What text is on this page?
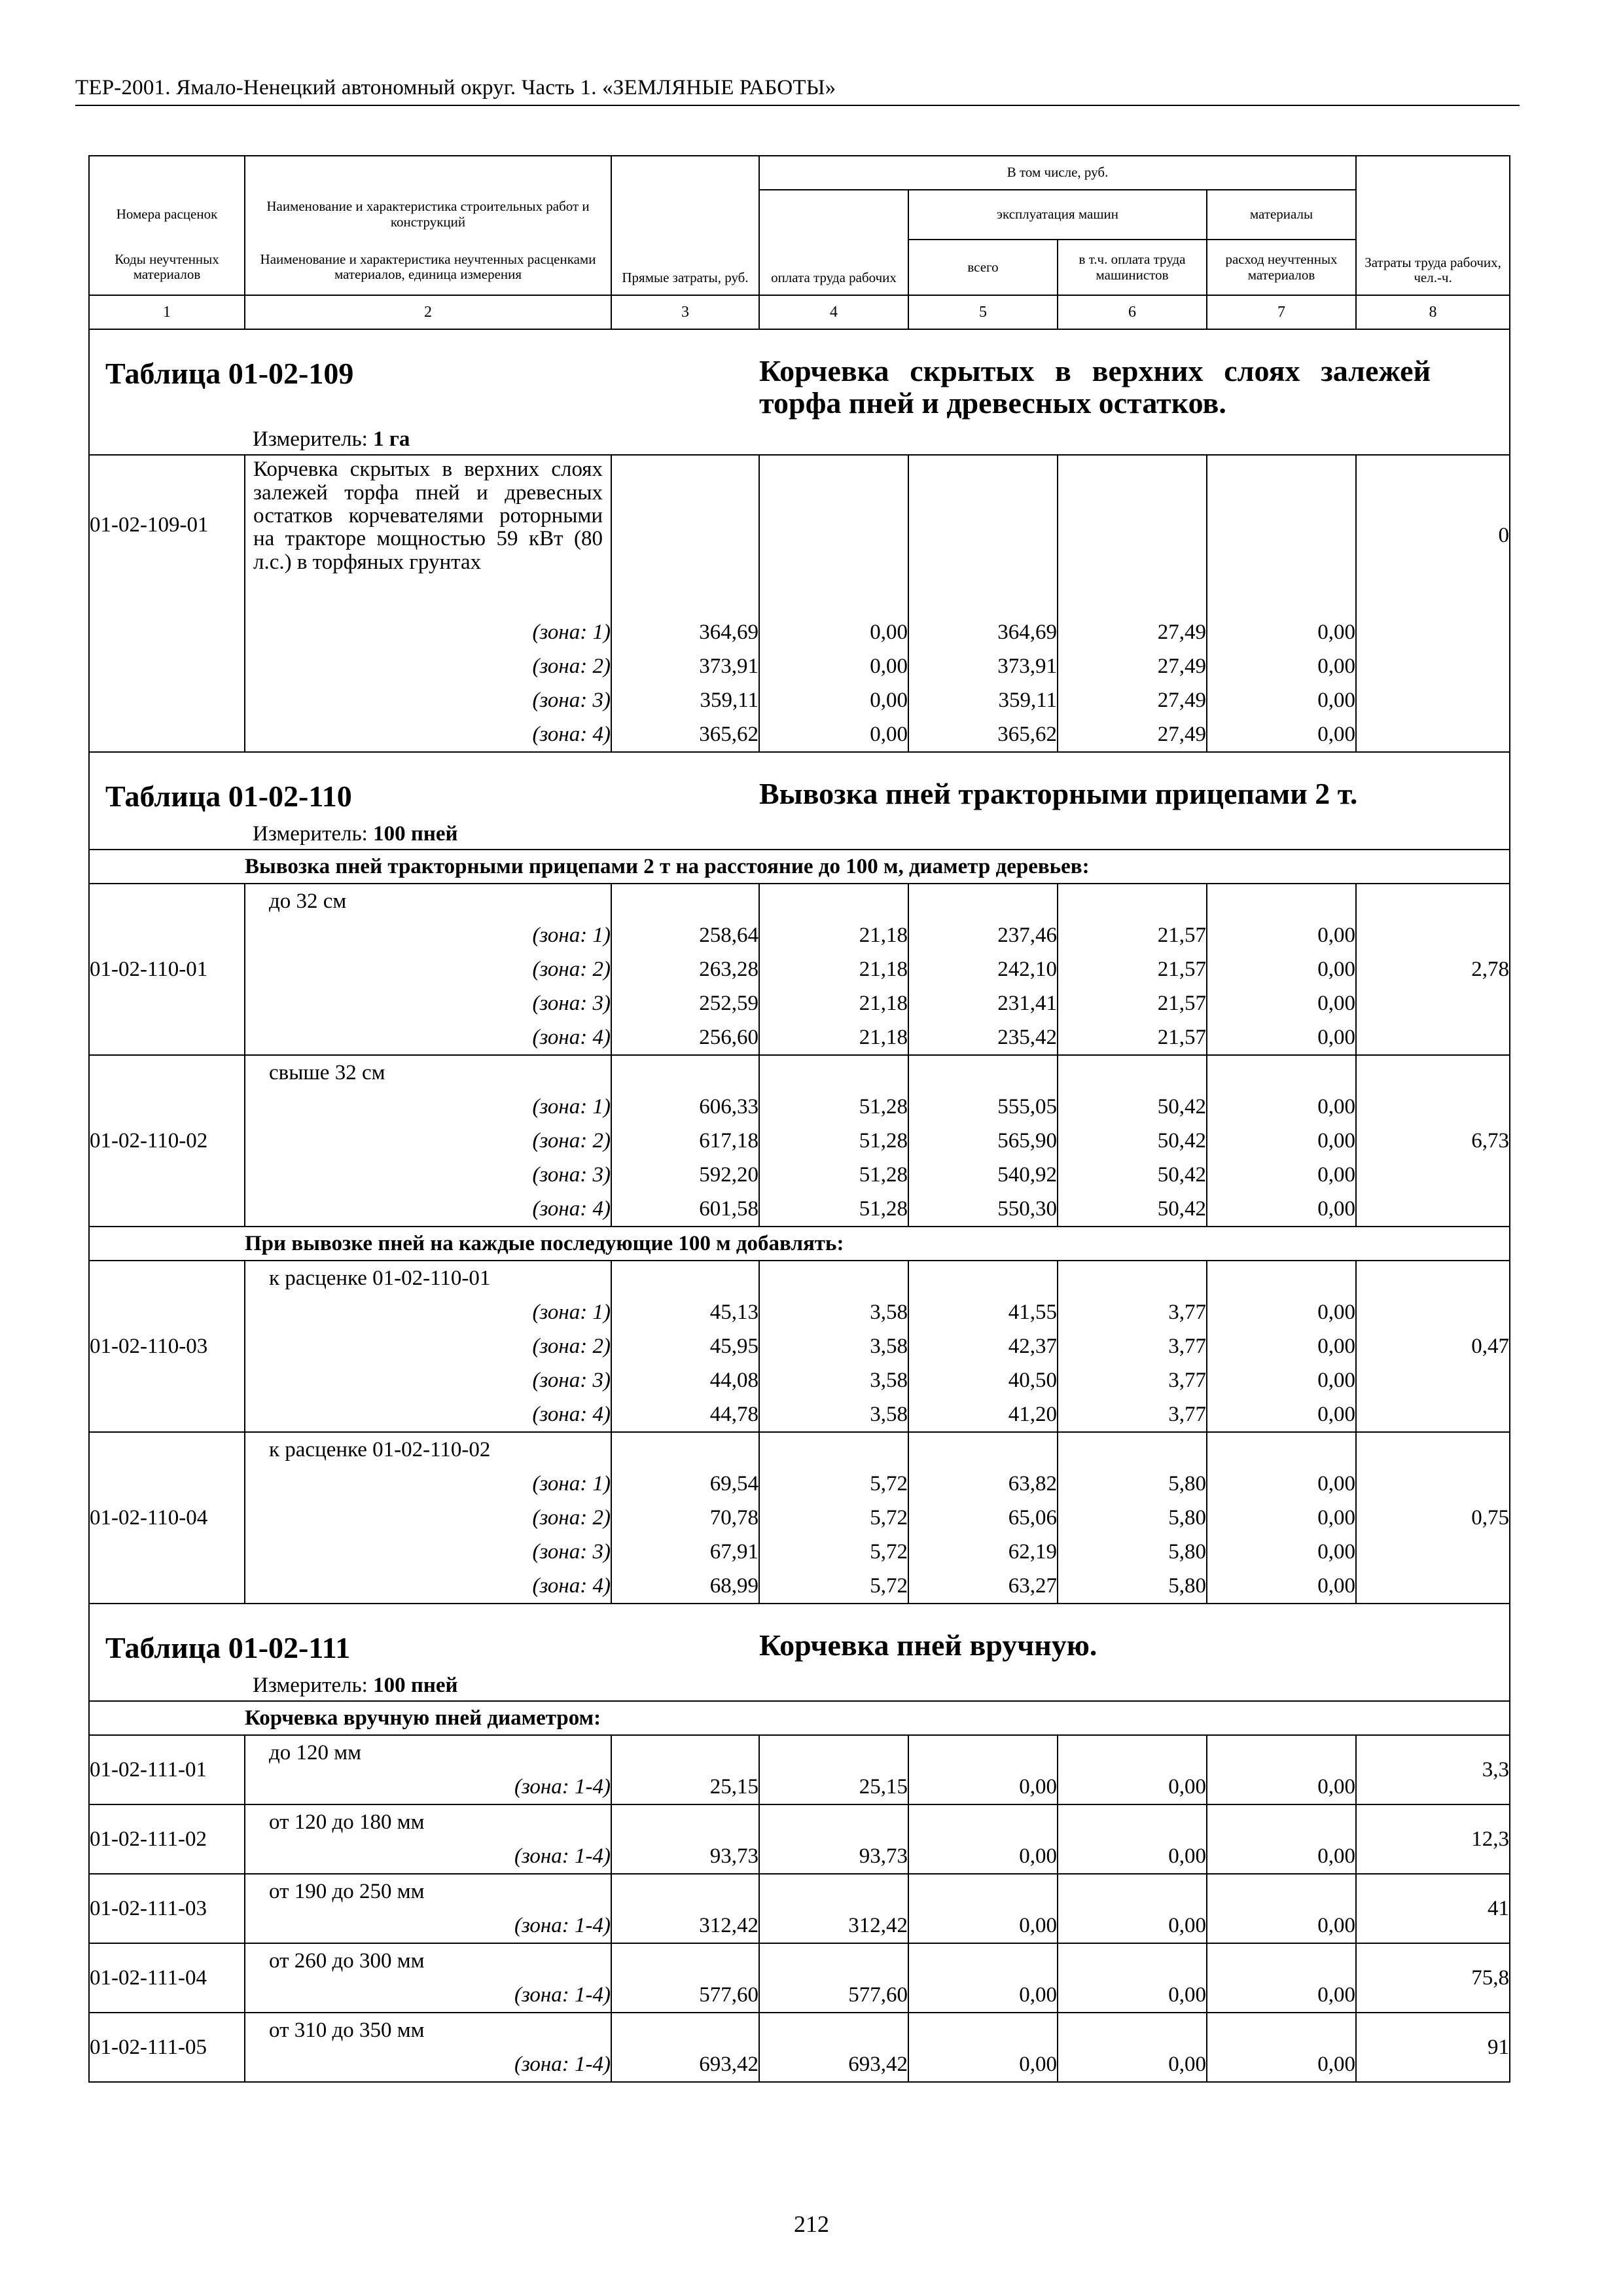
ТЕР-2001. Ямало-Ненецкий автономный округ. Часть 1. «ЗЕМЛЯНЫЕ РАБОТЫ»
Номера расценок	Наименование и характеристика строительных работ и конструкций	Прямые затраты, руб.	В том числе, руб.				Затраты труда рабочих, чел.-ч.
			оплата труда рабочих	эксплуатация машин		материалы	
				всего	в т.ч. оплата труда машинистов	расход неучтенных материалов	
Коды неучтенных материалов	Наименование и характеристика неучтенных расценками материалов, единица измерения						
1	2	3	4	5	6	7	8
Таблица 01-02-109			Корчевка скрытых в верхних слоях залежей торфа пней и древесных остатков.				
	Измеритель: 1 га						
01-02-109-01	Корчевка скрытых в верхних слоях залежей торфа пней и древесных остатков корчевателями роторными на тракторе мощностью 59 кВт (80 л.с.) в торфяных грунтах						0
	(зона: 1)	364,69	0,00	364,69	27,49	0,00	
	(зона: 2)	373,91	0,00	373,91	27,49	0,00	
	(зона: 3)	359,11	0,00	359,11	27,49	0,00	
	(зона: 4)	365,62	0,00	365,62	27,49	0,00	
Таблица 01-02-110			Вывозка пней тракторными прицепами 2 т.				
	Измеритель: 100 пней						
	Вывозка пней тракторными прицепами 2 т на расстояние до 100 м, диаметр деревьев:						
01-02-110-01	до 32 см						2,78
	(зона: 1)	258,64	21,18	237,46	21,57	0,00	
	(зона: 2)	263,28	21,18	242,10	21,57	0,00	
	(зона: 3)	252,59	21,18	231,41	21,57	0,00	
	(зона: 4)	256,60	21,18	235,42	21,57	0,00	
01-02-110-02	свыше 32 см						6,73
	(зона: 1)	606,33	51,28	555,05	50,42	0,00	
	(зона: 2)	617,18	51,28	565,90	50,42	0,00	
	(зона: 3)	592,20	51,28	540,92	50,42	0,00	
	(зона: 4)	601,58	51,28	550,30	50,42	0,00	
	При вывозке пней на каждые последующие 100 м добавлять:						
01-02-110-03	к расценке 01-02-110-01						0,47
	(зона: 1)	45,13	3,58	41,55	3,77	0,00	
	(зона: 2)	45,95	3,58	42,37	3,77	0,00	
	(зона: 3)	44,08	3,58	40,50	3,77	0,00	
	(зона: 4)	44,78	3,58	41,20	3,77	0,00	
01-02-110-04	к расценке 01-02-110-02						0,75
	(зона: 1)	69,54	5,72	63,82	5,80	0,00	
	(зона: 2)	70,78	5,72	65,06	5,80	0,00	
	(зона: 3)	67,91	5,72	62,19	5,80	0,00	
	(зона: 4)	68,99	5,72	63,27	5,80	0,00	
Таблица 01-02-111			Корчевка пней вручную.				
	Измеритель: 100 пней						
	Корчевка вручную пней диаметром:						
01-02-111-01	до 120 мм						3,3
	(зона: 1-4)	25,15	25,15	0,00	0,00	0,00	
01-02-111-02	от 120 до 180 мм						12,3
	(зона: 1-4)	93,73	93,73	0,00	0,00	0,00	
01-02-111-03	от 190 до 250 мм						41
	(зона: 1-4)	312,42	312,42	0,00	0,00	0,00	
01-02-111-04	от 260 до 300 мм						75,8
	(зона: 1-4)	577,60	577,60	0,00	0,00	0,00	
01-02-111-05	от 310 до 350 мм						91
	(зона: 1-4)	693,42	693,42	0,00	0,00	0,00	
212
